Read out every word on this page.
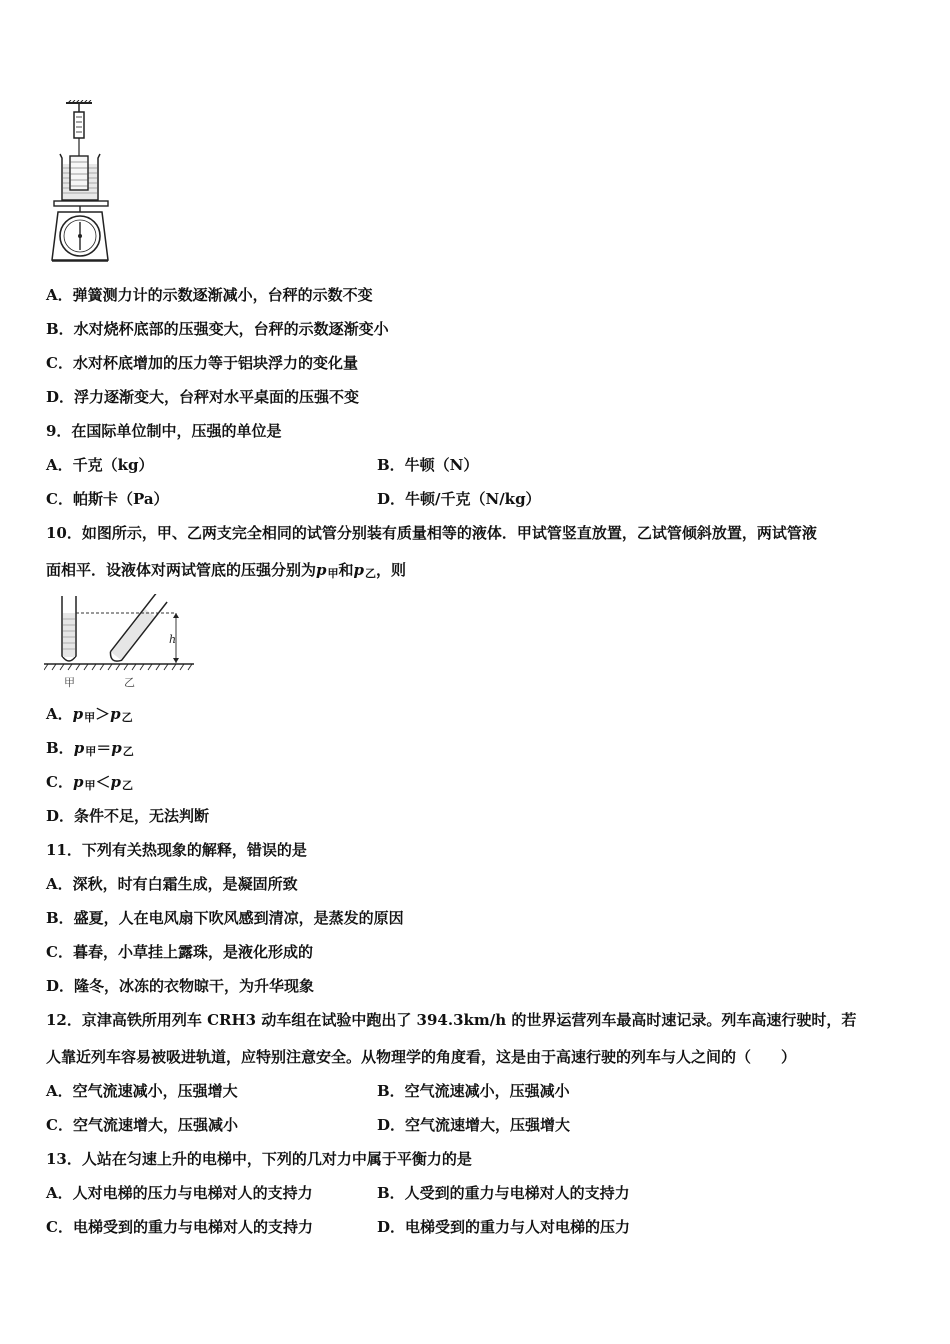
A．弹簧测力计的示数逐渐减小，台秤的示数不变
B．水对烧杯底部的压强变大，台秤的示数逐渐变小
C．水对杯底增加的压力等于铝块浮力的变化量
D．浮力逐渐变大，台秤对水平桌面的压强不变
9．在国际单位制中，压强的单位是
A．千克（kg）	B．牛顿（N）
C．帕斯卡（Pa）	D．牛顿/千克（N/kg）
10．如图所示，甲、乙两支完全相同的试管分别装有质量相等的液体．甲试管竖直放置，乙试管倾斜放置，两试管液
面相平．设液体对两试管底的压强分别为p甲和p乙，则
h
甲	乙
A．p甲＞p乙
B．p甲＝p乙
C．p甲＜p乙
D．条件不足，无法判断
11．下列有关热现象的解释，错误的是
A．深秋，时有白霜生成，是凝固所致
B．盛夏，人在电风扇下吹风感到清凉，是蒸发的原因
C．暮春，小草挂上露珠，是液化形成的
D．隆冬，冰冻的衣物晾干，为升华现象
12．京津高铁所用列车 CRH3 动车组在试验中跑出了 394.3km/h 的世界运营列车最高时速记录。列车高速行驶时，若
人靠近列车容易被吸进轨道，应特别注意安全。从物理学的角度看，这是由于高速行驶的列车与人之间的（　　）
A．空气流速减小，压强增大	B．空气流速减小，压强减小
C．空气流速增大，压强减小	D．空气流速增大，压强增大
13．人站在匀速上升的电梯中，下列的几对力中属于平衡力的是
A．人对电梯的压力与电梯对人的支持力	B．人受到的重力与电梯对人的支持力
C．电梯受到的重力与电梯对人的支持力	D．电梯受到的重力与人对电梯的压力
